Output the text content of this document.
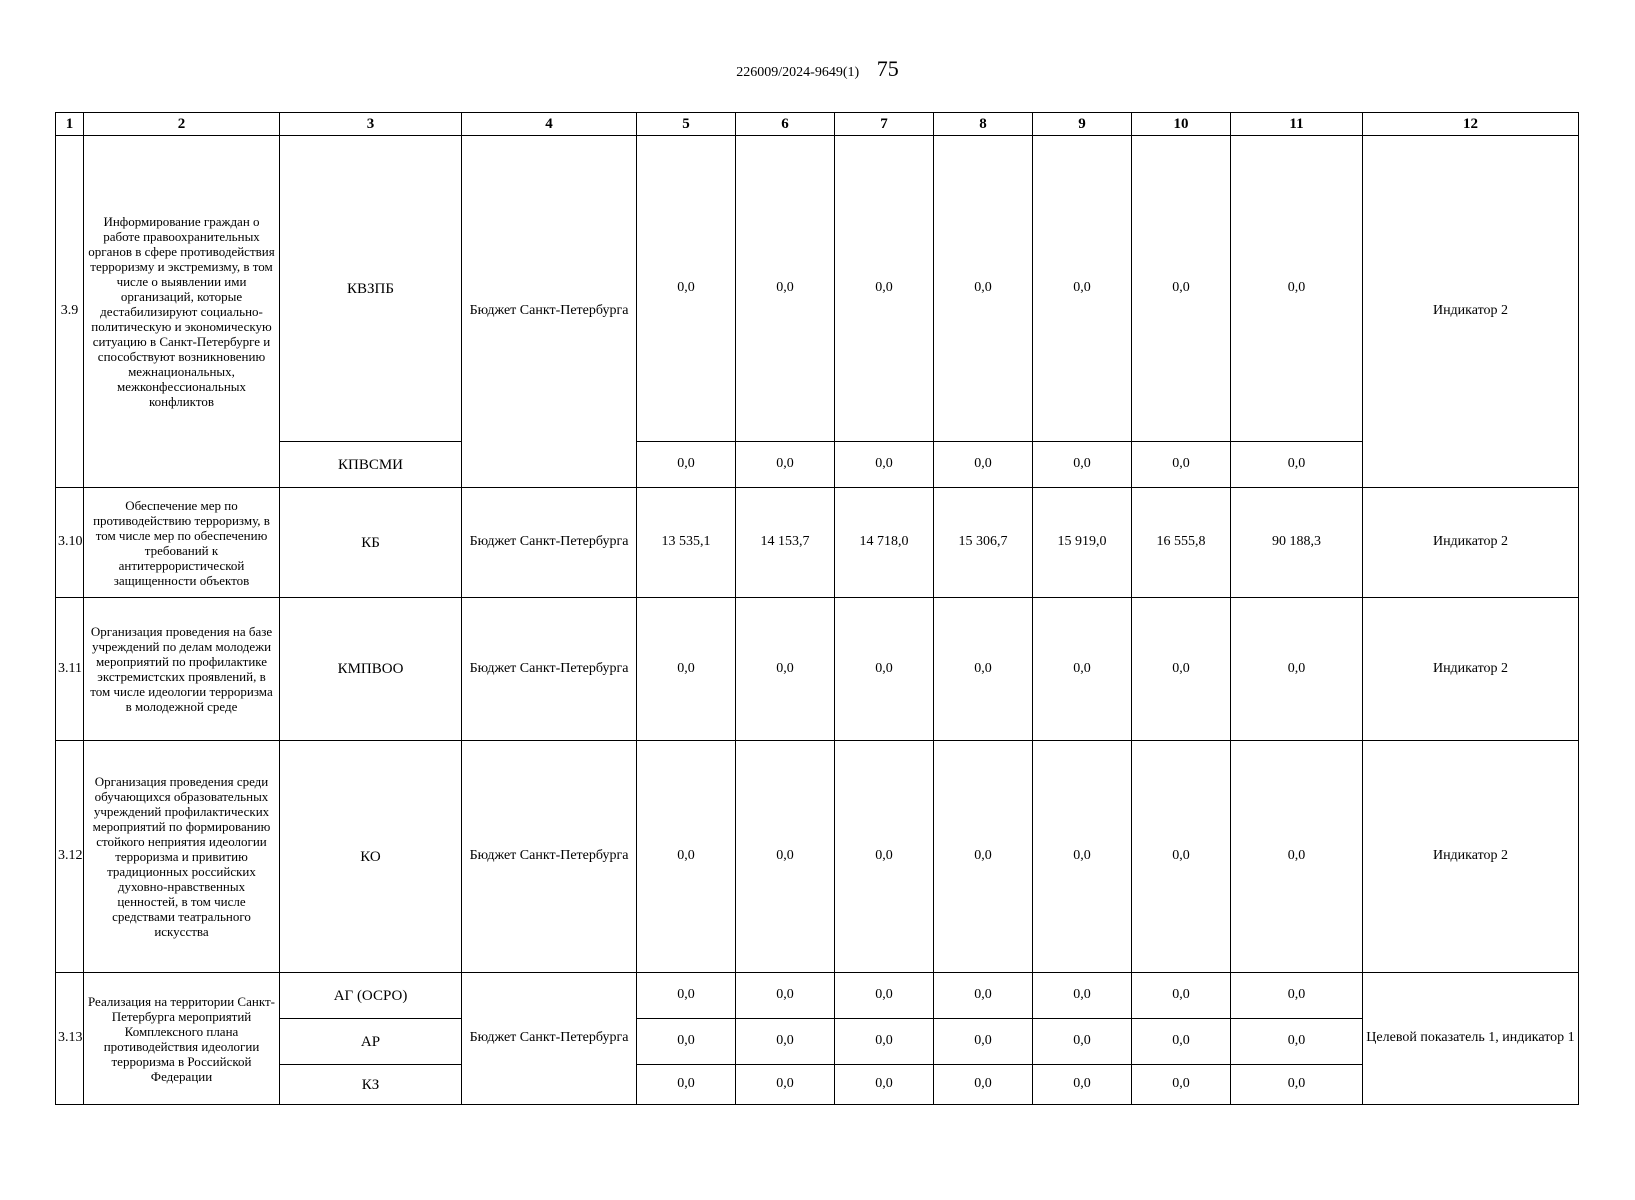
226009/2024-9649(1) 75
1	2	3	4	5	6	7	8	9	10	11	12
3.9	Информирование граждан о работе правоохранительных органов в сфере противодействия терроризму и экстремизму, в том числе о выявлении ими организаций, которые дестабилизируют социально-политическую и экономическую ситуацию в Санкт-Петербурге и способствуют возникновению межнациональных, межконфессиональных конфликтов	КВЗПБ	Бюджет Санкт-Петербурга	0,0	0,0	0,0	0,0	0,0	0,0	0,0	Индикатор 2
		КПВСМИ		0,0	0,0	0,0	0,0	0,0	0,0	0,0	
3.10	Обеспечение мер по противодействию терроризму, в том числе мер по обеспечению требований к антитеррористической защищенности объектов	КБ	Бюджет Санкт-Петербурга	13 535,1	14 153,7	14 718,0	15 306,7	15 919,0	16 555,8	90 188,3	Индикатор 2
3.11	Организация проведения на базе учреждений по делам молодежи мероприятий по профилактике экстремистских проявлений, в том числе идеологии терроризма в молодежной среде	КМПВОО	Бюджет Санкт-Петербурга	0,0	0,0	0,0	0,0	0,0	0,0	0,0	Индикатор 2
3.12	Организация проведения среди обучающихся образовательных учреждений профилактических мероприятий по формированию стойкого неприятия идеологии терроризма и привитию традиционных российских духовно-нравственных ценностей, в том числе средствами театрального искусства	КО	Бюджет Санкт-Петербурга	0,0	0,0	0,0	0,0	0,0	0,0	0,0	Индикатор 2
3.13	Реализация на территории Санкт-Петербурга мероприятий Комплексного плана противодействия идеологии терроризма в Российской Федерации	АГ (ОСРО)	Бюджет Санкт-Петербурга	0,0	0,0	0,0	0,0	0,0	0,0	0,0	Целевой показатель 1, индикатор 1
		АР		0,0	0,0	0,0	0,0	0,0	0,0	0,0	
		КЗ		0,0	0,0	0,0	0,0	0,0	0,0	0,0	
